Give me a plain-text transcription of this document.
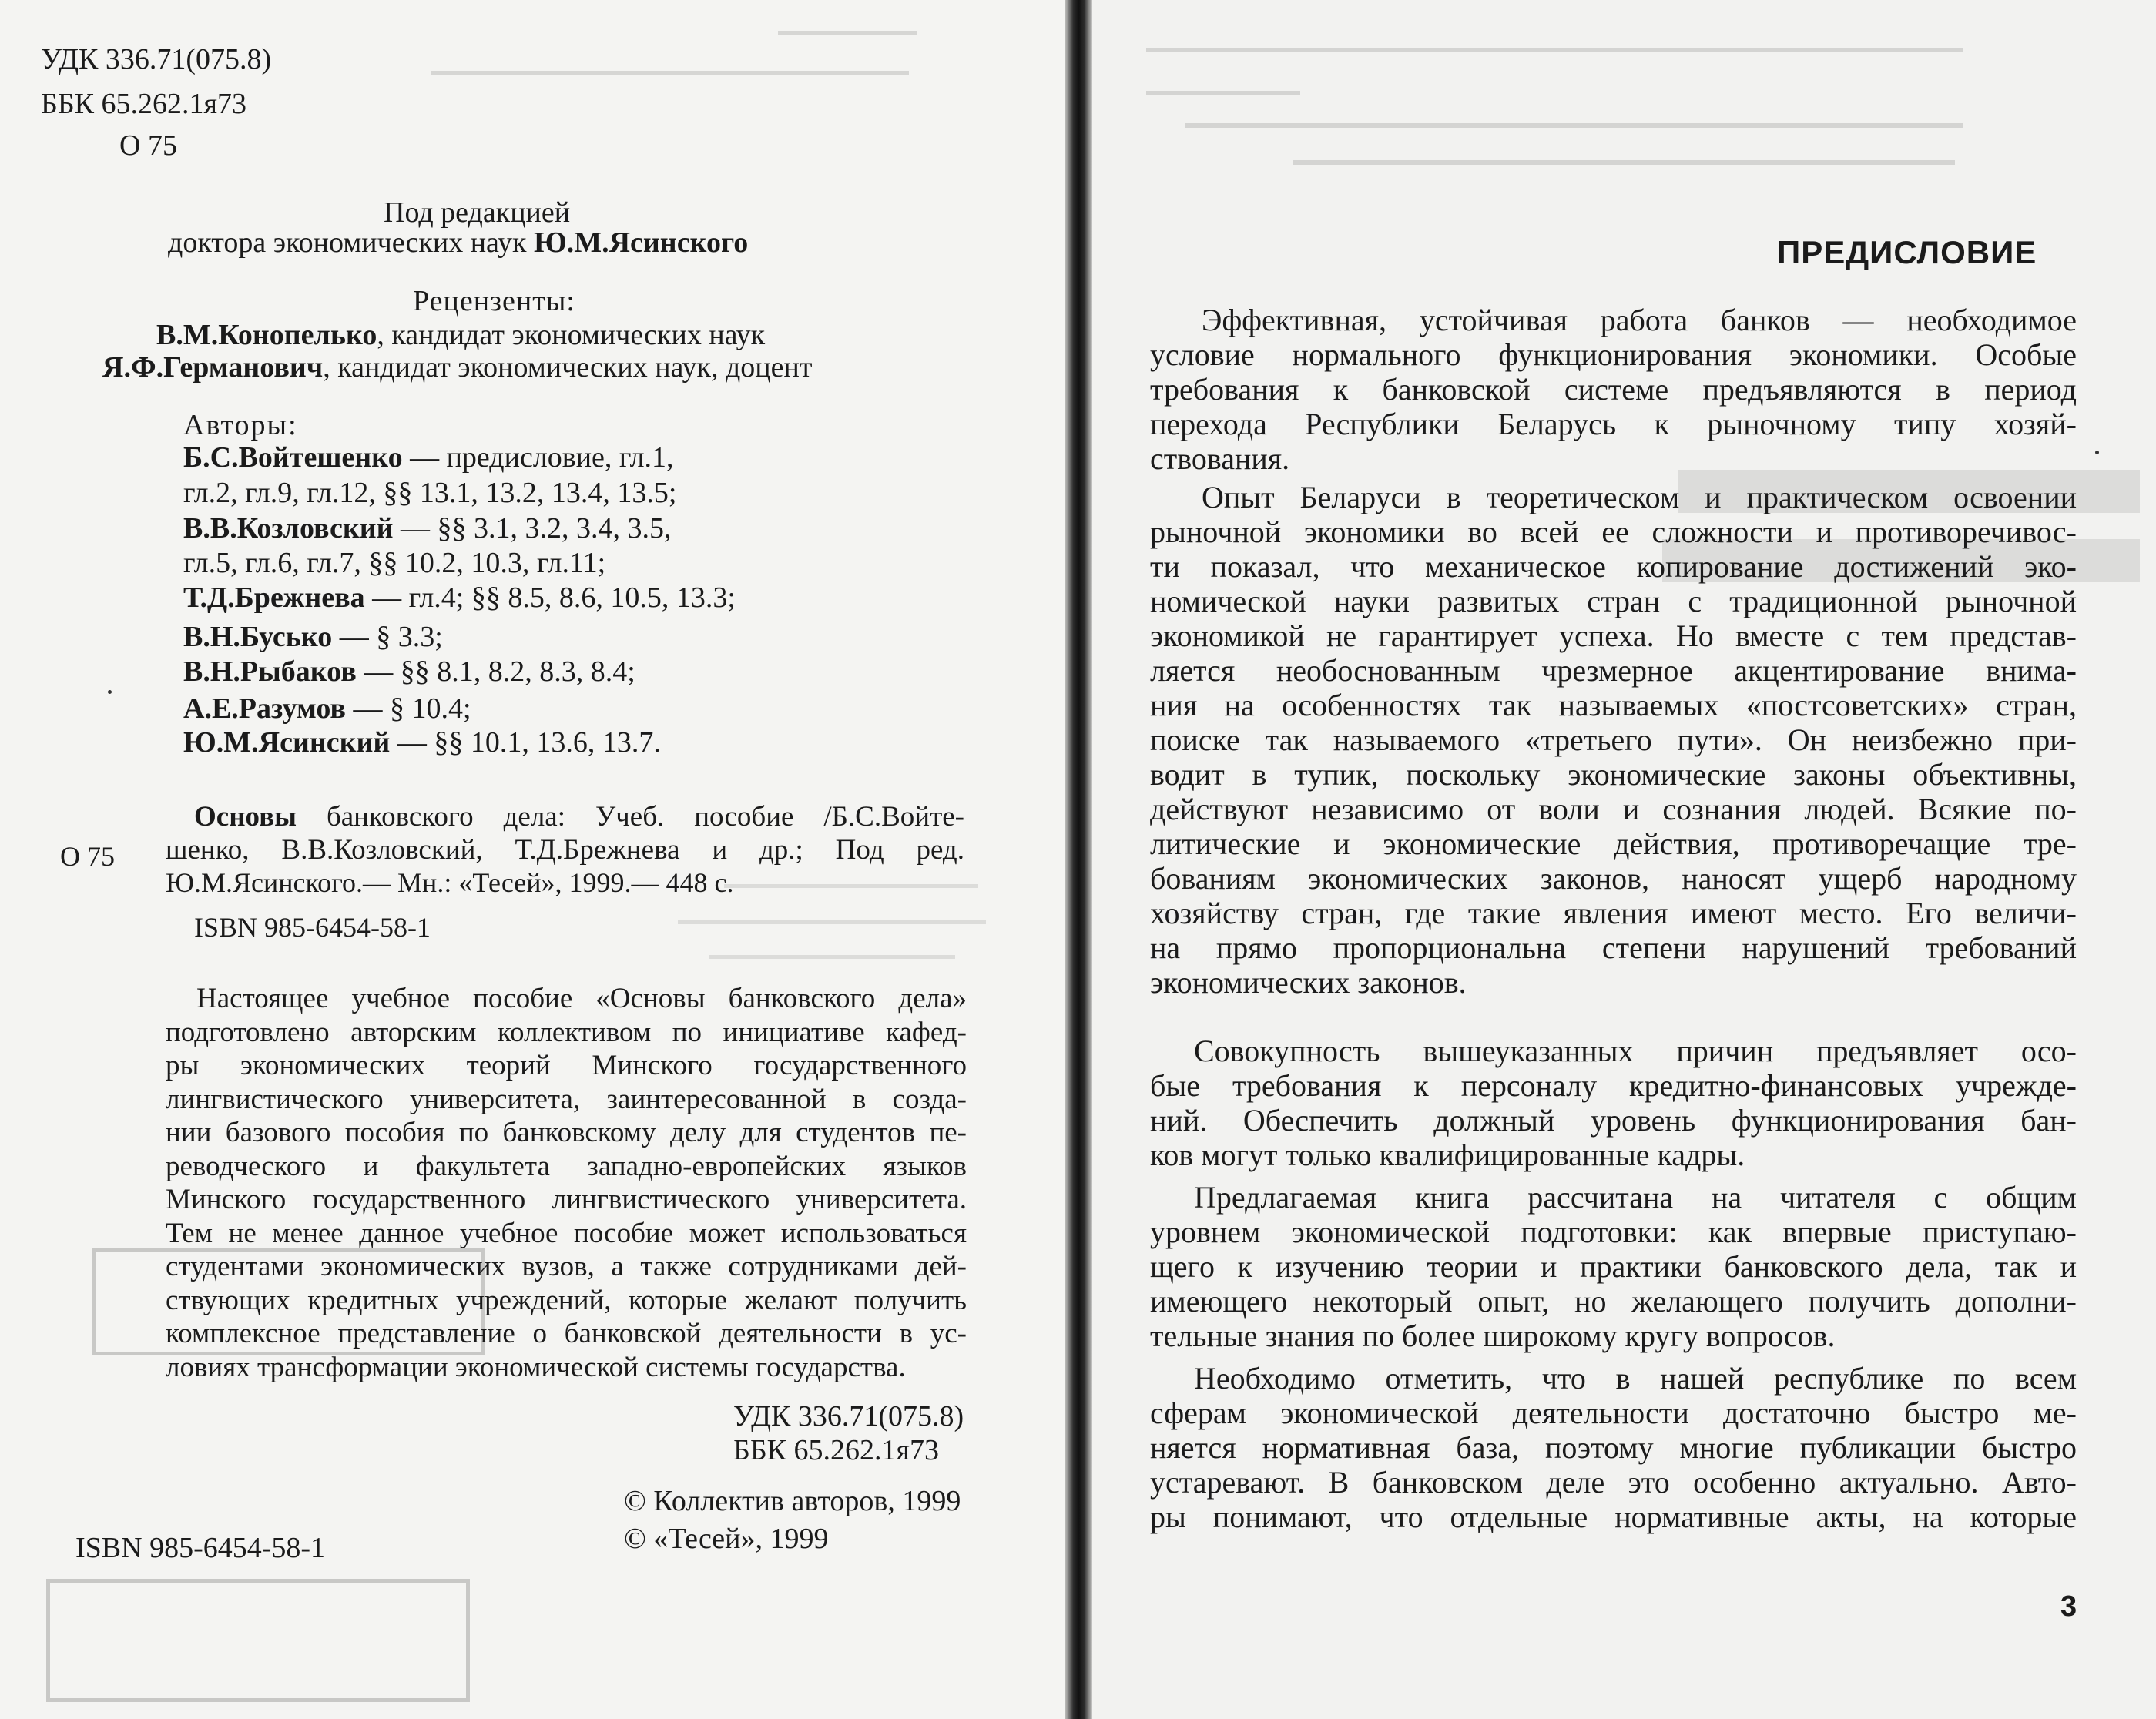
УДК 336.71(075.8)
ББК 65.262.1я73
О 75
Под редакцией
доктора экономических наук Ю.М.Ясинского
Рецензенты:
В.М.Конопелько, кандидат экономических наук
Я.Ф.Германович, кандидат экономических наук, доцент
Авторы:
Б.С.Войтешенко — предисловие, гл.1,
гл.2, гл.9, гл.12, §§ 13.1, 13.2, 13.4, 13.5;
В.В.Козловский — §§ 3.1, 3.2, 3.4, 3.5,
гл.5, гл.6, гл.7, §§ 10.2, 10.3, гл.11;
Т.Д.Брежнева — гл.4; §§ 8.5, 8.6, 10.5, 13.3;
В.Н.Бусько — § 3.3;
В.Н.Рыбаков — §§ 8.1, 8.2, 8.3, 8.4;
А.Е.Разумов — § 10.4;
Ю.М.Ясинский — §§ 10.1, 13.6, 13.7.
О 75
Основы банковского дела: Учеб. пособие /Б.С.Войте-
шенко, В.В.Козловский, Т.Д.Брежнева и др.; Под ред.
Ю.М.Ясинского.— Мн.: «Тесей», 1999.— 448 с.
ISBN 985-6454-58-1
Настоящее учебное пособие «Основы банковского дела»
подготовлено авторским коллективом по инициативе кафед-
ры экономических теорий Минского государственного
лингвистического университета, заинтересованной в созда-
нии базового пособия по банковскому делу для студентов пе-
реводческого и факультета западно-европейских языков
Минского государственного лингвистического университета.
Тем не менее данное учебное пособие может использоваться
студентами экономических вузов, а также сотрудниками дей-
ствующих кредитных учреждений, которые желают получить
комплексное представление о банковской деятельности в ус-
ловиях трансформации экономической системы государства.
УДК 336.71(075.8)
ББК 65.262.1я73
© Коллектив авторов, 1999
© «Тесей», 1999
ISBN 985-6454-58-1
ПРЕДИСЛОВИЕ
Эффективная, устойчивая работа банков — необходимое
условие нормального функционирования экономики. Особые
требования к банковской системе предъявляются в период
перехода Республики Беларусь к рыночному типу хозяй-
ствования.
Опыт Беларуси в теоретическом и практическом освоении
рыночной экономики во всей ее сложности и противоречивос-
ти показал, что механическое копирование достижений эко-
номической науки развитых стран с традиционной рыночной
экономикой не гарантирует успеха. Но вместе с тем представ-
ляется необоснованным чрезмерное акцентирование внима-
ния на особенностях так называемых «постсоветских» стран,
поиске так называемого «третьего пути». Он неизбежно при-
водит в тупик, поскольку экономические законы объективны,
действуют независимо от воли и сознания людей. Всякие по-
литические и экономические действия, противоречащие тре-
бованиям экономических законов, наносят ущерб народному
хозяйству стран, где такие явления имеют место. Его величи-
на прямо пропорциональна степени нарушений требований
экономических законов.
Совокупность вышеуказанных причин предъявляет осо-
бые требования к персоналу кредитно-финансовых учрежде-
ний. Обеспечить должный уровень функционирования бан-
ков могут только квалифицированные кадры.
Предлагаемая книга рассчитана на читателя с общим
уровнем экономической подготовки: как впервые приступаю-
щего к изучению теории и практики банковского дела, так и
имеющего некоторый опыт, но желающего получить дополни-
тельные знания по более широкому кругу вопросов.
Необходимо отметить, что в нашей республике по всем
сферам экономической деятельности достаточно быстро ме-
няется нормативная база, поэтому многие публикации быстро
устаревают. В банковском деле это особенно актуально. Авто-
ры понимают, что отдельные нормативные акты, на которые
3
